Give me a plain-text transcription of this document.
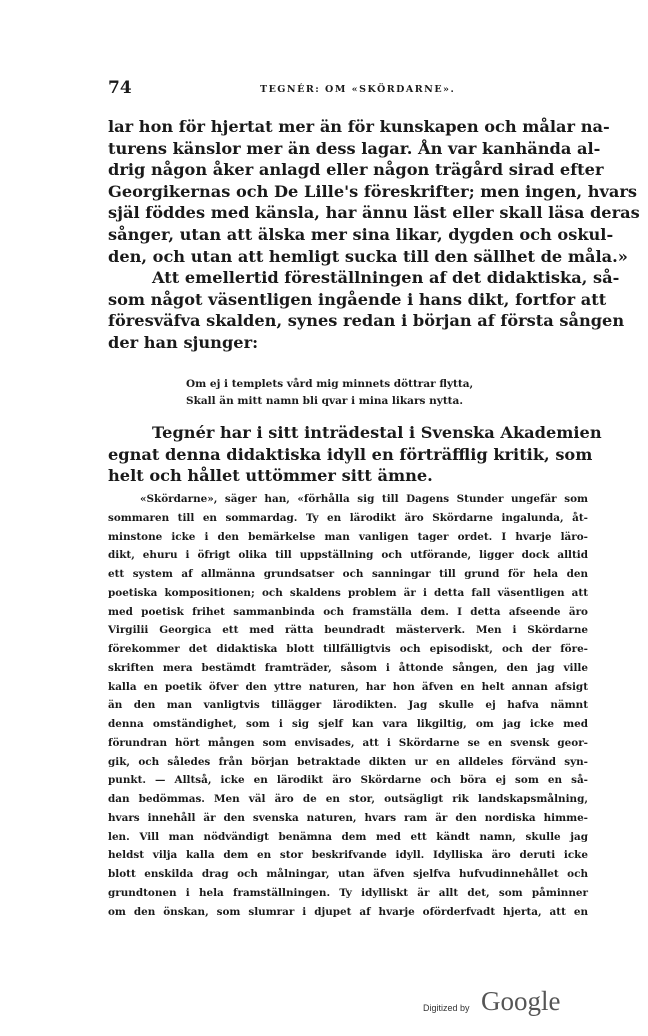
74	TEGNÉR: OM «SKÖRDARNE».
lar hon för hjertat mer än för kunskapen och målar na-
turens känslor mer än dess lagar. Ån var kanhända al-
drig någon åker anlagd eller någon trägård sirad efter
Georgikernas och De Lille's föreskrifter; men ingen, hvars
själ föddes med känsla, har ännu läst eller skall läsa deras
sånger, utan att älska mer sina likar, dygden och oskul-
den, och utan att hemligt sucka till den sällhet de måla.»
Att emellertid föreställningen af det didaktiska, så-
som något väsentligen ingående i hans dikt, fortfor att
föresväfva skalden, synes redan i början af första sången
der han sjunger:
Om ej i templets vård mig minnets döttrar flytta,
Skall än mitt namn bli qvar i mina likars nytta.
Tegnér har i sitt inträdestal i Svenska Akademien
egnat denna didaktiska idyll en förträfflig kritik, som
helt och hållet uttömmer sitt ämne.
«Skördarne», säger han, «förhålla sig till Dagens Stunder ungefär som
sommaren till en sommardag. Ty en lärodikt äro Skördarne ingalunda, åt-
minstone icke i den bemärkelse man vanligen tager ordet. I hvarje läro-
dikt, ehuru i öfrigt olika till uppställning och utförande, ligger dock alltid
ett system af allmänna grundsatser och sanningar till grund för hela den
poetiska kompositionen; och skaldens problem är i detta fall väsentligen att
med poetisk frihet sammanbinda och framställa dem. I detta afseende äro
Virgilii Georgica ett med rätta beundradt mästerverk. Men i Skördarne
förekommer det didaktiska blott tillfälligtvis och episodiskt, och der före-
skriften mera bestämdt framträder, såsom i åttonde sången, den jag ville
kalla en poetik öfver den yttre naturen, har hon äfven en helt annan afsigt
än den man vanligtvis tillägger lärodikten. Jag skulle ej hafva nämnt
denna omständighet, som i sig sjelf kan vara likgiltig, om jag icke med
förundran hört mången som envisades, att i Skördarne se en svensk geor-
gik, och således från början betraktade dikten ur en alldeles förvänd syn-
punkt. — Alltså, icke en lärodikt äro Skördarne och böra ej som en så-
dan bedömmas. Men väl äro de en stor, outsägligt rik landskapsmålning,
hvars innehåll är den svenska naturen, hvars ram är den nordiska himme-
len. Vill man nödvändigt benämna dem med ett kändt namn, skulle jag
heldst vilja kalla dem en stor beskrifvande idyll. Idylliska äro deruti icke
blott enskilda drag och målningar, utan äfven sjelfva hufvudinnehållet och
grundtonen i hela framställningen. Ty idylliskt är allt det, som påminner
om den önskan, som slumrar i djupet af hvarje oförderfvadt hjerta, att en
Digitized by Google
